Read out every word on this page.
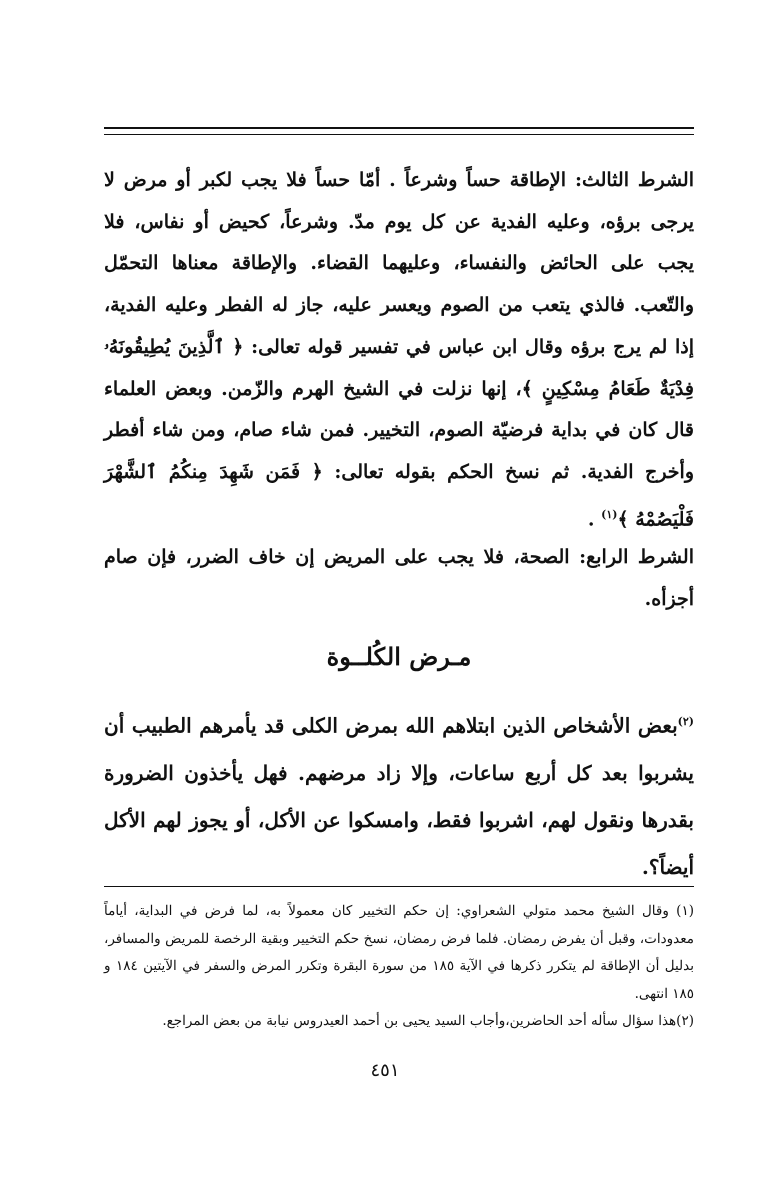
الشرط الثالث: الإطاقة حساً وشرعاً . أمّا حساً فلا يجب لكبر أو مرض لا يرجى برؤه، وعليه الفدية عن كل يوم مدّ. وشرعاً، كحيض أو نفاس، فلا يجب على الحائض والنفساء، وعليهما القضاء. والإطاقة معناها التحمّل والتّعب. فالذي يتعب من الصوم ويعسر عليه، جاز له الفطر وعليه الفدية، إذا لم يرج برؤه وقال ابن عباس في تفسير قوله تعالى: ﴿ ٱلَّذِينَ يُطِيقُونَهُۥ فِدْيَةٌ طَعَامُ مِسْكِينٍ ﴾، إنها نزلت في الشيخ الهرم والزّمن. وبعض العلماء قال كان في بداية فرضيّة الصوم، التخيير. فمن شاء صام، ومن شاء أفطر وأخرج الفدية. ثم نسخ الحكم بقوله تعالى: ﴿ فَمَن شَهِدَ مِنكُمُ ٱلشَّهْرَ فَلْيَصُمْهُ ﴾$^{(١)}$ .

الشرط الرابع: الصحة، فلا يجب على المريض إن خاف الضرر، فإن صام أجزأه.

مـرض الكُلــوة

$^{(٢)}$بعض الأشخاص الذين ابتلاهم الله بمرض الكلى قد يأمرهم الطبيب أن يشربوا بعد كل أربع ساعات، وإلا زاد مرضهم. فهل يأخذون الضرورة بقدرها ونقول لهم، اشربوا فقط، وامسكوا عن الأكل، أو يجوز لهم الأكل أيضاً؟.

(١) وقال الشيخ محمد متولي الشعراوي: إن حكم التخيير كان معمولاً به، لما فرض في البداية، أياماً معدودات، وقبل أن يفرض رمضان. فلما فرض رمضان، نسخ حكم التخيير وبقية الرخصة للمريض والمسافر، بدليل أن الإطاقة لم يتكرر ذكرها في الآية ١٨٥ من سورة البقرة وتكرر المرض والسفر في الآيتين ١٨٤ و ١٨٥ انتهى.

(٢)هذا سؤال سأله أحد الحاضرين،وأجاب السيد يحيى بن أحمد العيدروس نيابة من بعض المراجع.

٤٥١
